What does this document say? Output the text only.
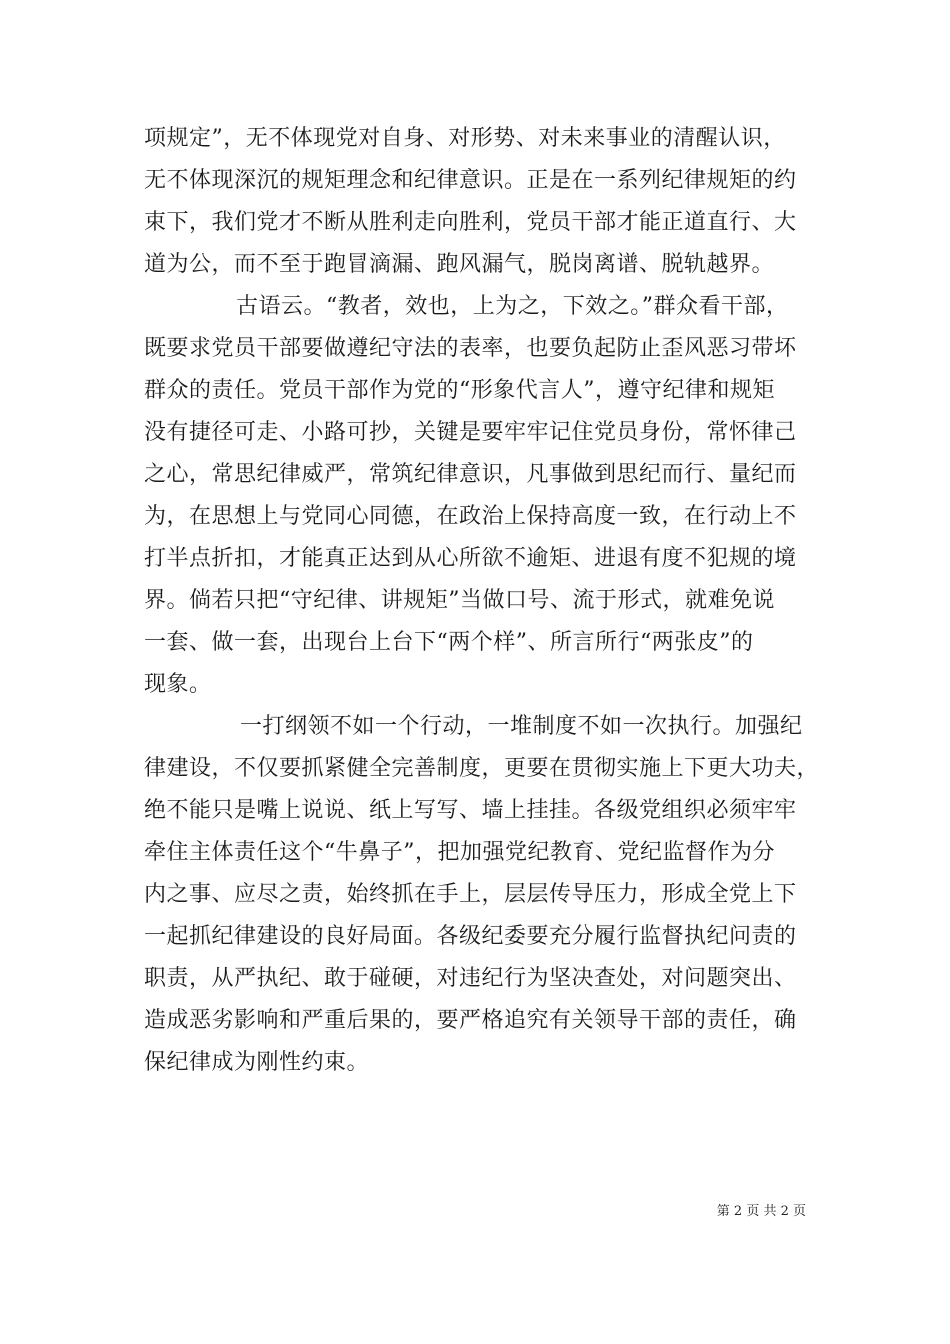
项规定”，无不体现党对自身、对形势、对未来事业的清醒认识，
无不体现深沉的规矩理念和纪律意识。正是在一系列纪律规矩的约
束下，我们党才不断从胜利走向胜利，党员干部才能正道直行、大
道为公，而不至于跑冒滴漏、跑风漏气，脱岗离谱、脱轨越界。
古语云。“教者，效也，上为之，下效之。”群众看干部，
既要求党员干部要做遵纪守法的表率，也要负起防止歪风恶习带坏
群众的责任。党员干部作为党的“形象代言人”，遵守纪律和规矩
没有捷径可走、小路可抄，关键是要牢牢记住党员身份，常怀律己
之心，常思纪律威严，常筑纪律意识，凡事做到思纪而行、量纪而
为，在思想上与党同心同德，在政治上保持高度一致，在行动上不
打半点折扣，才能真正达到从心所欲不逾矩、进退有度不犯规的境
界。倘若只把“守纪律、讲规矩”当做口号、流于形式，就难免说
一套、做一套，出现台上台下“两个样”、所言所行“两张皮”的
现象。
一打纲领不如一个行动，一堆制度不如一次执行。加强纪
律建设，不仅要抓紧健全完善制度，更要在贯彻实施上下更大功夫，
绝不能只是嘴上说说、纸上写写、墙上挂挂。各级党组织必须牢牢
牵住主体责任这个“牛鼻子”，把加强党纪教育、党纪监督作为分
内之事、应尽之责，始终抓在手上，层层传导压力，形成全党上下
一起抓纪律建设的良好局面。各级纪委要充分履行监督执纪问责的
职责，从严执纪、敢于碰硬，对违纪行为坚决查处，对问题突出、
造成恶劣影响和严重后果的，要严格追究有关领导干部的责任，确
保纪律成为刚性约束。
第 2 页 共 2 页
